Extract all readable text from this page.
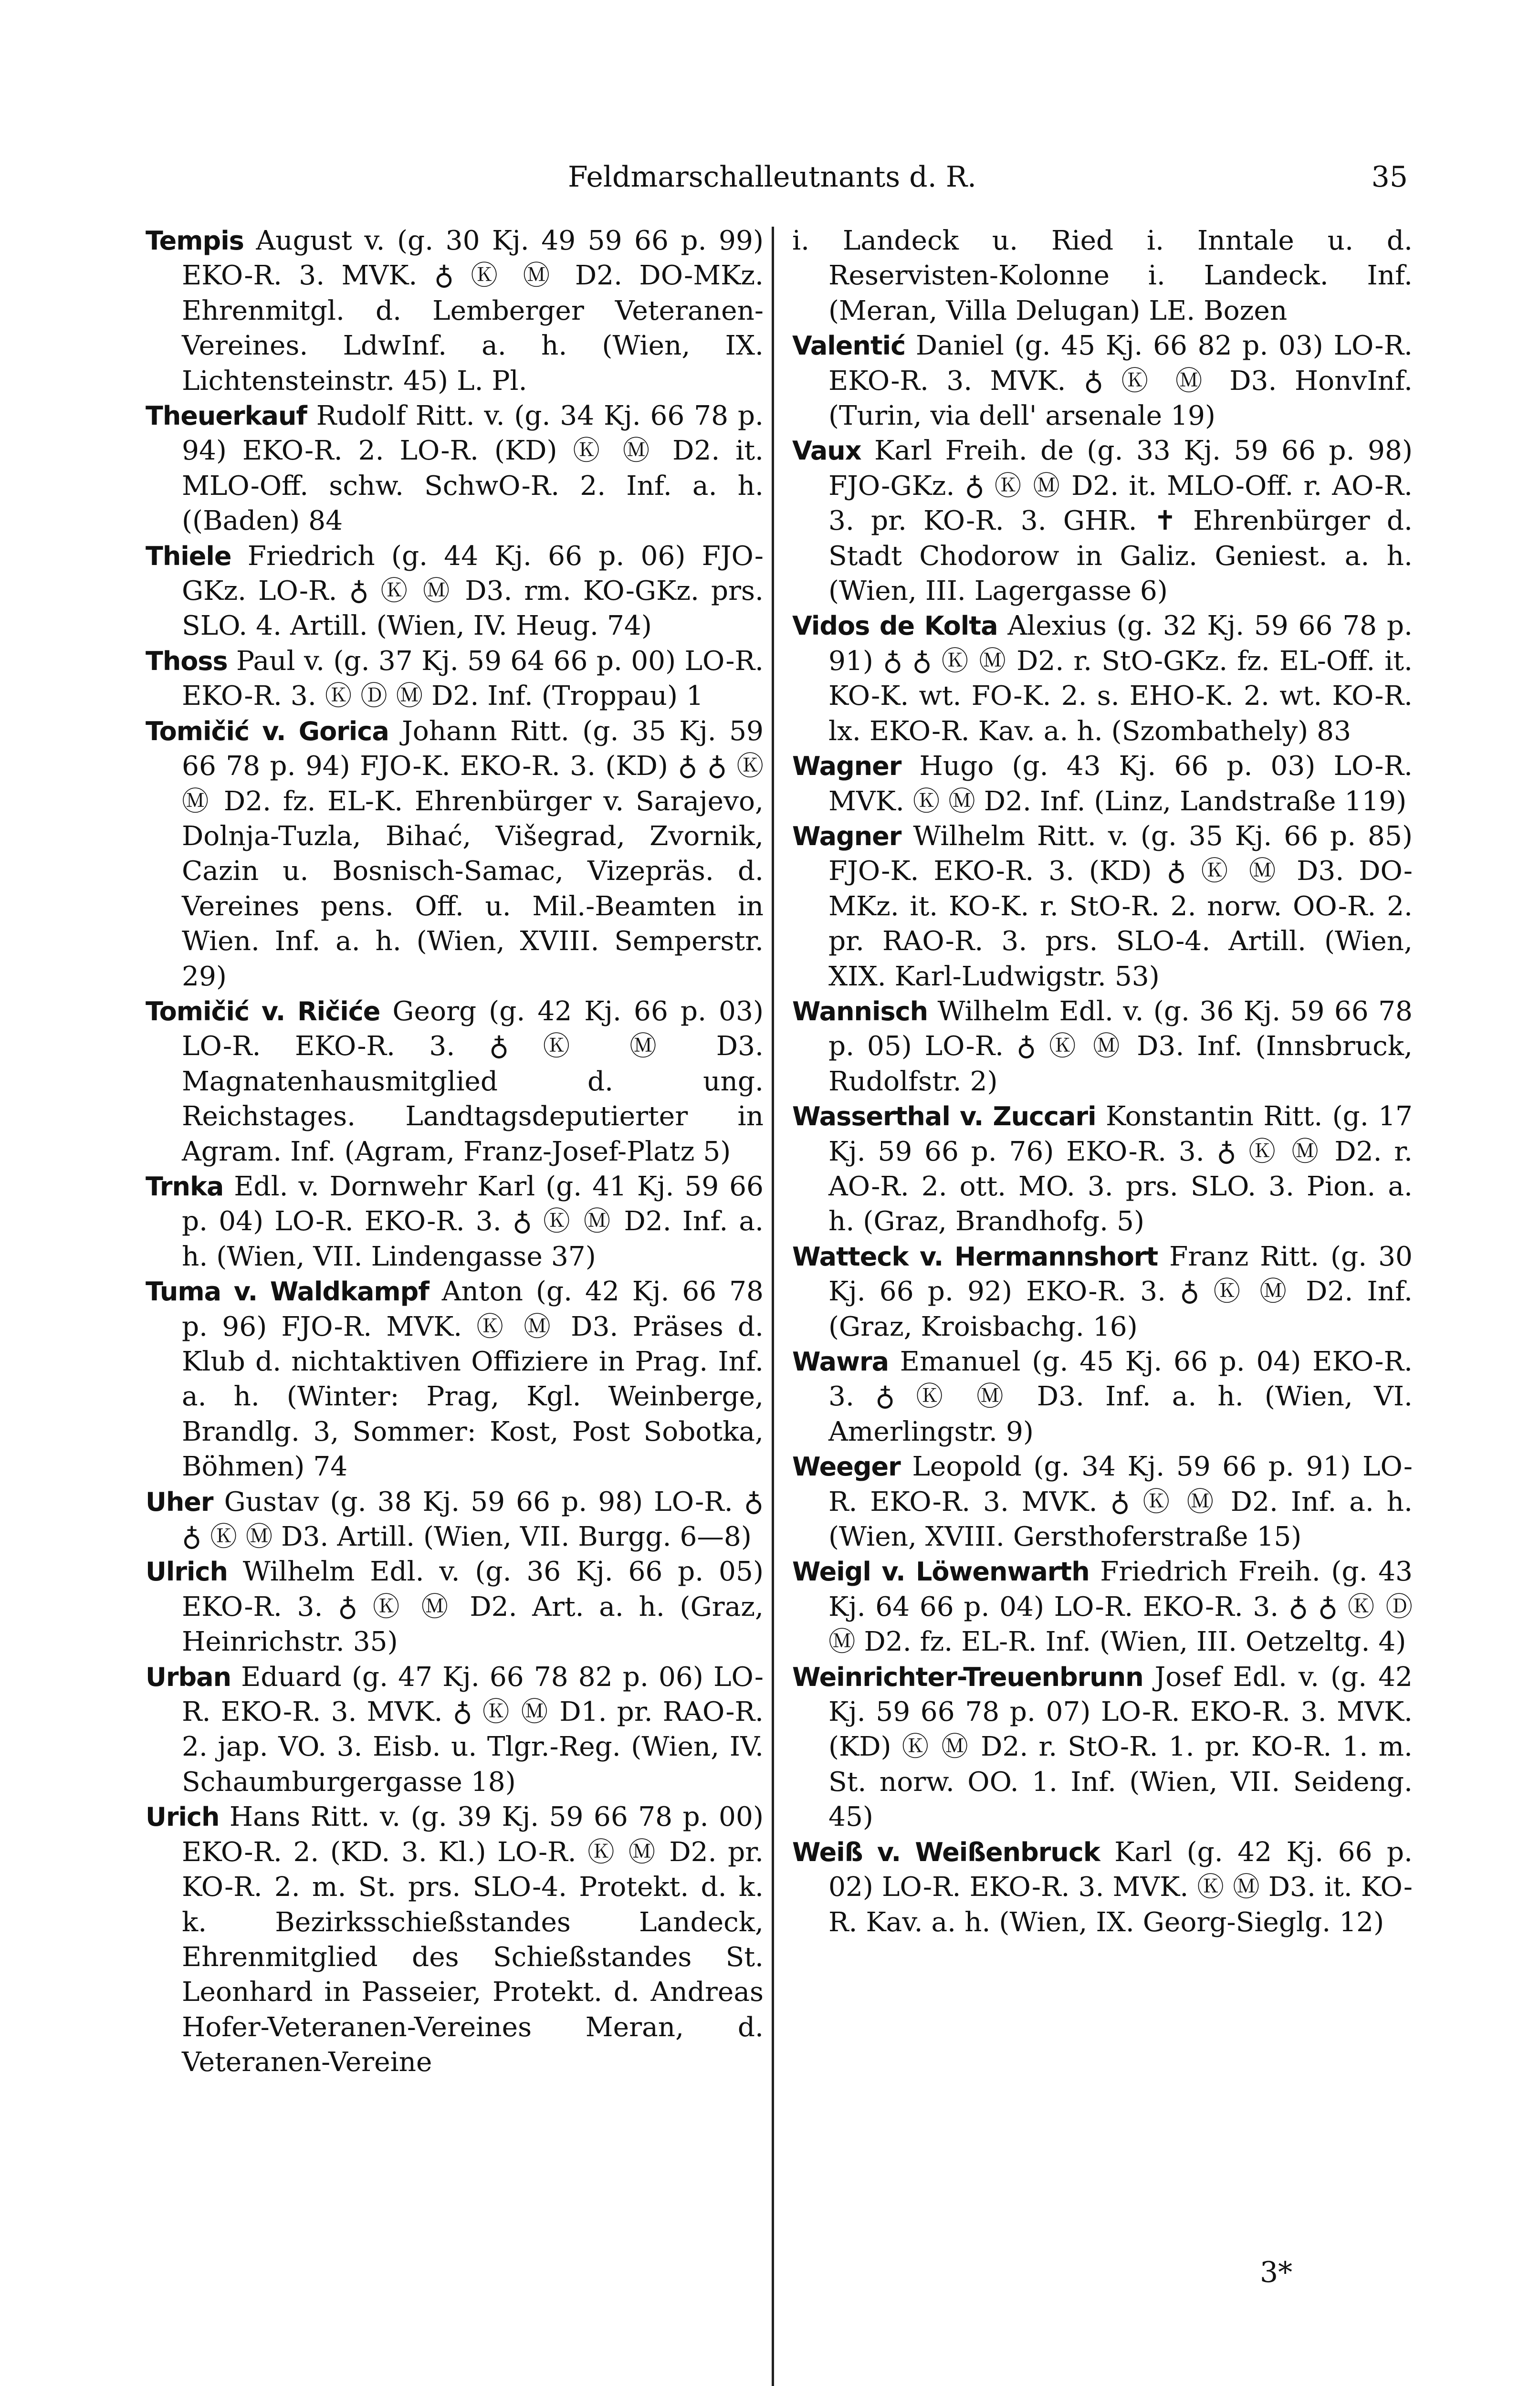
Feldmarschalleutnants d. R.	35

Tempis August v. (g. 30 Kj. 49 59 66 p. 99) EKO-R. 3. MVK. ♁ Ⓚ Ⓜ D2. DO-MKz. Ehrenmitgl. d. Lemberger Veteranen-Vereines. LdwInf. a. h. (Wien, IX. Lichtensteinstr. 45) L. Pl.

Theuerkauf Rudolf Ritt. v. (g. 34 Kj. 66 78 p. 94) EKO-R. 2. LO-R. (KD) Ⓚ Ⓜ D2. it. MLO-Off. schw. SchwO-R. 2. Inf. a. h. ((Baden) 84

Thiele Friedrich (g. 44 Kj. 66 p. 06) FJO-GKz. LO-R. ♁ Ⓚ Ⓜ D3. rm. KO-GKz. prs. SLO. 4. Artill. (Wien, IV. Heug. 74)

Thoss Paul v. (g. 37 Kj. 59 64 66 p. 00) LO-R. EKO-R. 3. Ⓚ Ⓓ Ⓜ D2. Inf. (Troppau) 1

Tomičić v. Gorica Johann Ritt. (g. 35 Kj. 59 66 78 p. 94) FJO-K. EKO-R. 3. (KD) ♁ ♁ Ⓚ Ⓜ D2. fz. EL-K. Ehrenbürger v. Sarajevo, Dolnja-Tuzla, Bihać, Višegrad, Zvornik, Cazin u. Bosnisch-Samac, Vizepräs. d. Vereines pens. Off. u. Mil.-Beamten in Wien. Inf. a. h. (Wien, XVIII. Semperstr. 29)

Tomičić v. Ričiće Georg (g. 42 Kj. 66 p. 03) LO-R. EKO-R. 3. ♁ Ⓚ Ⓜ D3. Magnatenhausmitglied d. ung. Reichstages. Landtagsdeputierter in Agram. Inf. (Agram, Franz-Josef-Platz 5)

Trnka Edl. v. Dornwehr Karl (g. 41 Kj. 59 66 p. 04) LO-R. EKO-R. 3. ♁ Ⓚ Ⓜ D2. Inf. a. h. (Wien, VII. Lindengasse 37)

Tuma v. Waldkampf Anton (g. 42 Kj. 66 78 p. 96) FJO-R. MVK. Ⓚ Ⓜ D3. Präses d. Klub d. nichtaktiven Offiziere in Prag. Inf. a. h. (Winter: Prag, Kgl. Weinberge, Brandlg. 3, Sommer: Kost, Post Sobotka, Böhmen) 74

Uher Gustav (g. 38 Kj. 59 66 p. 98) LO-R. ♁ ♁ Ⓚ Ⓜ D3. Artill. (Wien, VII. Burgg. 6—8)

Ulrich Wilhelm Edl. v. (g. 36 Kj. 66 p. 05) EKO-R. 3. ♁ Ⓚ Ⓜ D2. Art. a. h. (Graz, Heinrichstr. 35)

Urban Eduard (g. 47 Kj. 66 78 82 p. 06) LO-R. EKO-R. 3. MVK. ♁ Ⓚ Ⓜ D1. pr. RAO-R. 2. jap. VO. 3. Eisb. u. Tlgr.-Reg. (Wien, IV. Schaumburgergasse 18)

Urich Hans Ritt. v. (g. 39 Kj. 59 66 78 p. 00) EKO-R. 2. (KD. 3. Kl.) LO-R. Ⓚ Ⓜ D2. pr. KO-R. 2. m. St. prs. SLO-4. Protekt. d. k. k. Bezirksschießstandes Landeck, Ehrenmitglied des Schießstandes St. Leonhard in Passeier, Protekt. d. Andreas Hofer-Veteranen-Vereines Meran, d. Veteranen-Vereine

i. Landeck u. Ried i. Inntale u. d. Reservisten-Kolonne i. Landeck. Inf. (Meran, Villa Delugan) LE. Bozen

Valentić Daniel (g. 45 Kj. 66 82 p. 03) LO-R. EKO-R. 3. MVK. ♁ Ⓚ Ⓜ D3. HonvInf. (Turin, via dell' arsenale 19)

Vaux Karl Freih. de (g. 33 Kj. 59 66 p. 98) FJO-GKz. ♁ Ⓚ Ⓜ D2. it. MLO-Off. r. AO-R. 3. pr. KO-R. 3. GHR. ✝ Ehrenbürger d. Stadt Chodorow in Galiz. Geniest. a. h. (Wien, III. Lagergasse 6)

Vidos de Kolta Alexius (g. 32 Kj. 59 66 78 p. 91) ♁ ♁ Ⓚ Ⓜ D2. r. StO-GKz. fz. EL-Off. it. KO-K. wt. FO-K. 2. s. EHO-K. 2. wt. KO-R. lx. EKO-R. Kav. a. h. (Szombathely) 83

Wagner Hugo (g. 43 Kj. 66 p. 03) LO-R. MVK. Ⓚ Ⓜ D2. Inf. (Linz, Landstraße 119)

Wagner Wilhelm Ritt. v. (g. 35 Kj. 66 p. 85) FJO-K. EKO-R. 3. (KD) ♁ Ⓚ Ⓜ D3. DO-MKz. it. KO-K. r. StO-R. 2. norw. OO-R. 2. pr. RAO-R. 3. prs. SLO-4. Artill. (Wien, XIX. Karl-Ludwigstr. 53)

Wannisch Wilhelm Edl. v. (g. 36 Kj. 59 66 78 p. 05) LO-R. ♁ Ⓚ Ⓜ D3. Inf. (Innsbruck, Rudolfstr. 2)

Wasserthal v. Zuccari Konstantin Ritt. (g. 17 Kj. 59 66 p. 76) EKO-R. 3. ♁ Ⓚ Ⓜ D2. r. AO-R. 2. ott. MO. 3. prs. SLO. 3. Pion. a. h. (Graz, Brandhofg. 5)

Watteck v. Hermannshort Franz Ritt. (g. 30 Kj. 66 p. 92) EKO-R. 3. ♁ Ⓚ Ⓜ D2. Inf. (Graz, Kroisbachg. 16)

Wawra Emanuel (g. 45 Kj. 66 p. 04) EKO-R. 3. ♁ Ⓚ Ⓜ D3. Inf. a. h. (Wien, VI. Amerlingstr. 9)

Weeger Leopold (g. 34 Kj. 59 66 p. 91) LO-R. EKO-R. 3. MVK. ♁ Ⓚ Ⓜ D2. Inf. a. h. (Wien, XVIII. Gersthoferstraße 15)

Weigl v. Löwenwarth Friedrich Freih. (g. 43 Kj. 64 66 p. 04) LO-R. EKO-R. 3. ♁ ♁ Ⓚ Ⓓ Ⓜ D2. fz. EL-R. Inf. (Wien, III. Oetzeltg. 4)

Weinrichter-Treuenbrunn Josef Edl. v. (g. 42 Kj. 59 66 78 p. 07) LO-R. EKO-R. 3. MVK. (KD) Ⓚ Ⓜ D2. r. StO-R. 1. pr. KO-R. 1. m. St. norw. OO. 1. Inf. (Wien, VII. Seideng. 45)

Weiß v. Weißenbruck Karl (g. 42 Kj. 66 p. 02) LO-R. EKO-R. 3. MVK. Ⓚ Ⓜ D3. it. KO-R. Kav. a. h. (Wien, IX. Georg-Sieglg. 12)

3*
